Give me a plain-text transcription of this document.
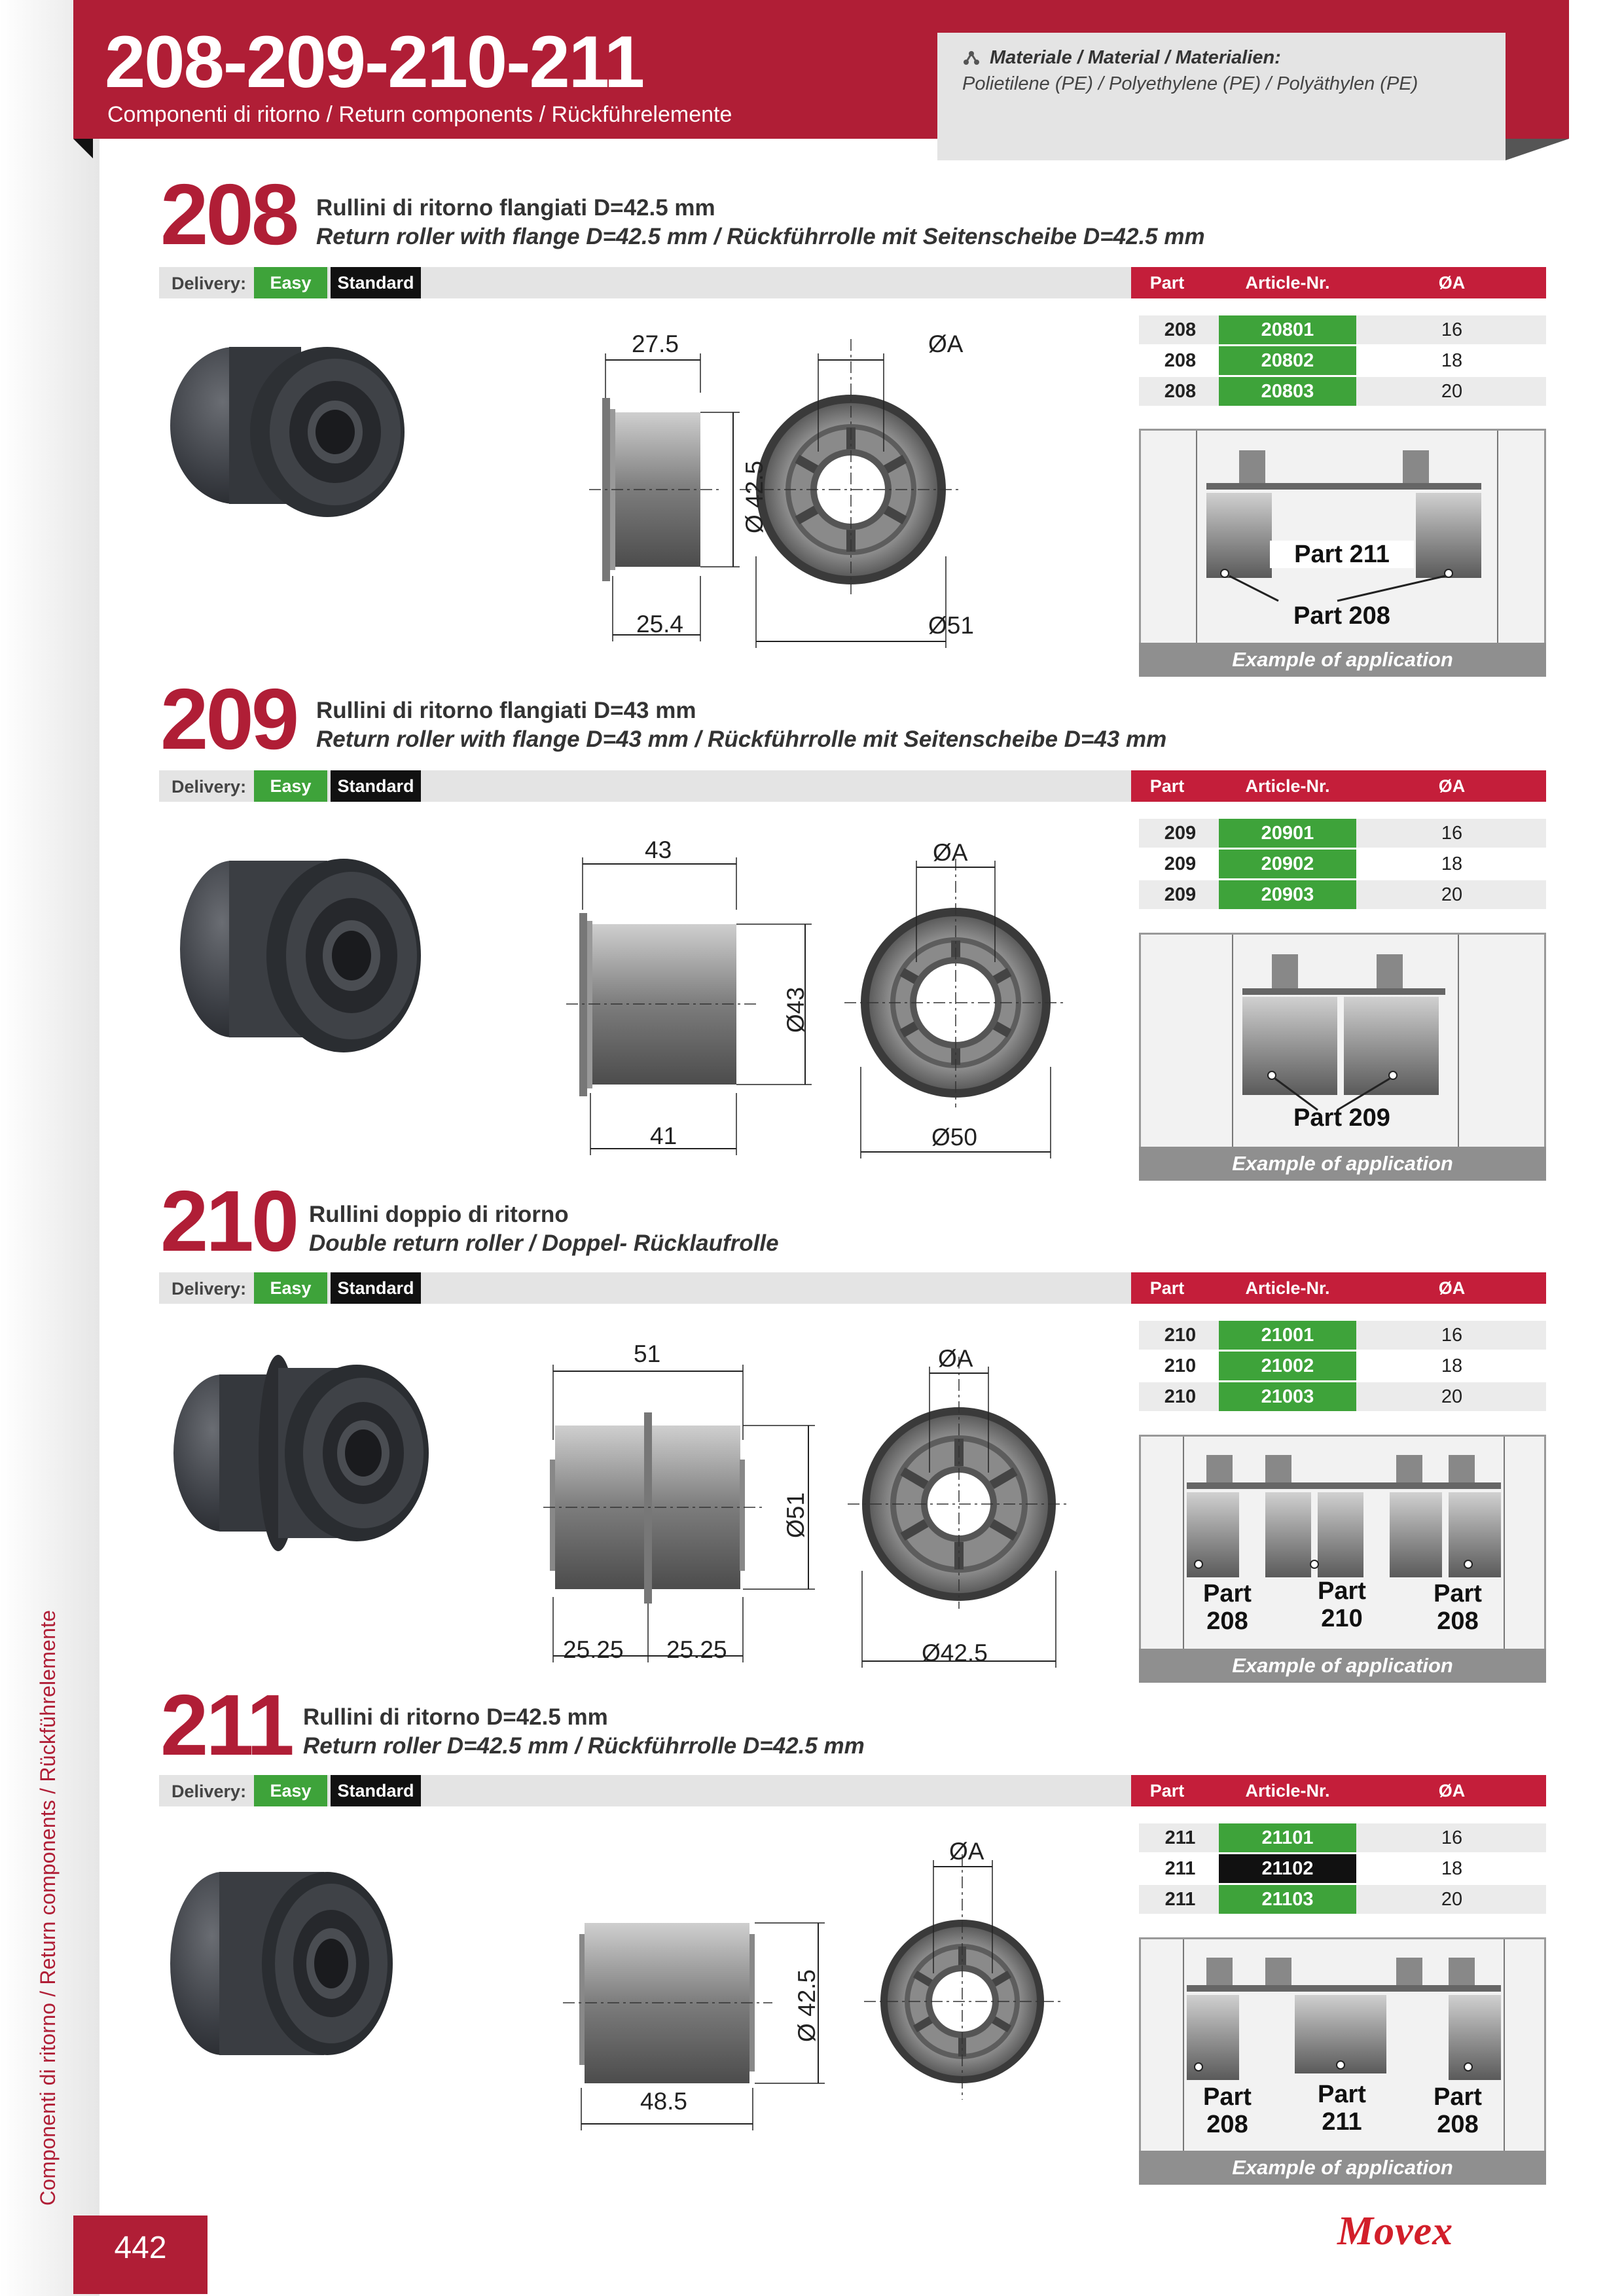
Componenti di ritorno / Return components / Rückführelemente
442
208-209-210-211
Componenti di ritorno / Return components / Rückführelemente
Materiale / Material / Materialien:
Polietilene (PE) / Polyethylene (PE) / Polyäthylen (PE)
208 Rullini di ritorno flangiati D=42.5 mm
Return roller with flange D=42.5 mm / Rückführrolle mit Seitenscheibe D=42.5 mm
Delivery:	Easy	Standard	Part	Article-Nr.	ØA
208	20801	16
208	20802	18
208	20803	20
27.5
25.4
ØA
Ø51
Ø 42.5
Part 211
Part 208
Example of application
209 Rullini di ritorno flangiati D=43 mm
Return roller with flange D=43 mm / Rückführrolle mit Seitenscheibe D=43 mm
Delivery:	Easy	Standard	Part	Article-Nr.	ØA
209	20901	16
209	20902	18
209	20903	20
43
41
ØA
Ø50
Ø43
Part 209
Example of application
210 Rullini doppio di ritorno
Double return roller / Doppel- Rücklaufrolle
Delivery:	Easy	Standard	Part	Article-Nr.	ØA
210	21001	16
210	21002	18
210	21003	20
51
25.25 25.25
ØA
Ø42.5
Ø51
Part
208
Part
210
Part
208
Example of application
211 Rullini di ritorno D=42.5 mm
Return roller D=42.5 mm / Rückführrolle D=42.5 mm
Delivery:	Easy	Standard	Part	Article-Nr.	ØA
211	21101	16
211	21102	18
211	21103	20
48.5
ØA
Ø 42.5
Part
208
Part
211
Part
208
Example of application
Movex
